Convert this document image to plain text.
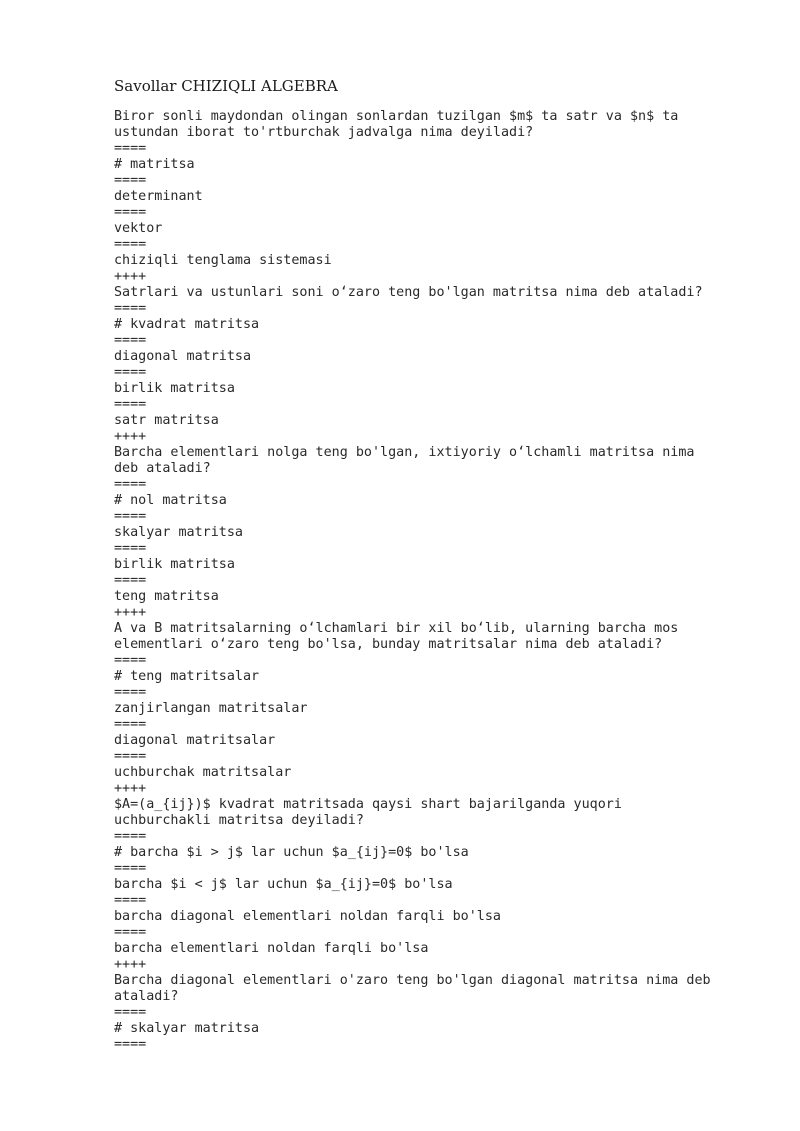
Savollar CHIZIQLI ALGEBRA
Biror sonli maydondan olingan sonlardan tuzilgan $m$ ta satr va $n$ ta
ustundan iborat to'rtburchak jadvalga nima deyiladi?
====
# matritsa
====
determinant
====
vektor
====
chiziqli tenglama sistemasi
++++
Satrlari va ustunlari soni oʻzaro teng bo'lgan matritsa nima deb ataladi?
====
# kvadrat matritsa
====
diagonal matritsa
====
birlik matritsa
====
satr matritsa
++++
Barcha elementlari nolga teng bo'lgan, ixtiyoriy oʻlchamli matritsa nima
deb ataladi?
====
# nol matritsa
====
skalyar matritsa
====
birlik matritsa
====
teng matritsa
++++
A va B matritsalarning oʻlchamlari bir xil boʻlib, ularning barcha mos
elementlari oʻzaro teng bo'lsa, bunday matritsalar nima deb ataladi?
====
# teng matritsalar
====
zanjirlangan matritsalar
====
diagonal matritsalar
====
uchburchak matritsalar
++++
$A=(a_{ij})$ kvadrat matritsada qaysi shart bajarilganda yuqori
uchburchakli matritsa deyiladi?
====
# barcha $i > j$ lar uchun $a_{ij}=0$ bo'lsa
====
barcha $i < j$ lar uchun $a_{ij}=0$ bo'lsa
====
barcha diagonal elementlari noldan farqli bo'lsa
====
barcha elementlari noldan farqli bo'lsa
++++
Barcha diagonal elementlari o'zaro teng bo'lgan diagonal matritsa nima deb
ataladi?
====
# skalyar matritsa
====
